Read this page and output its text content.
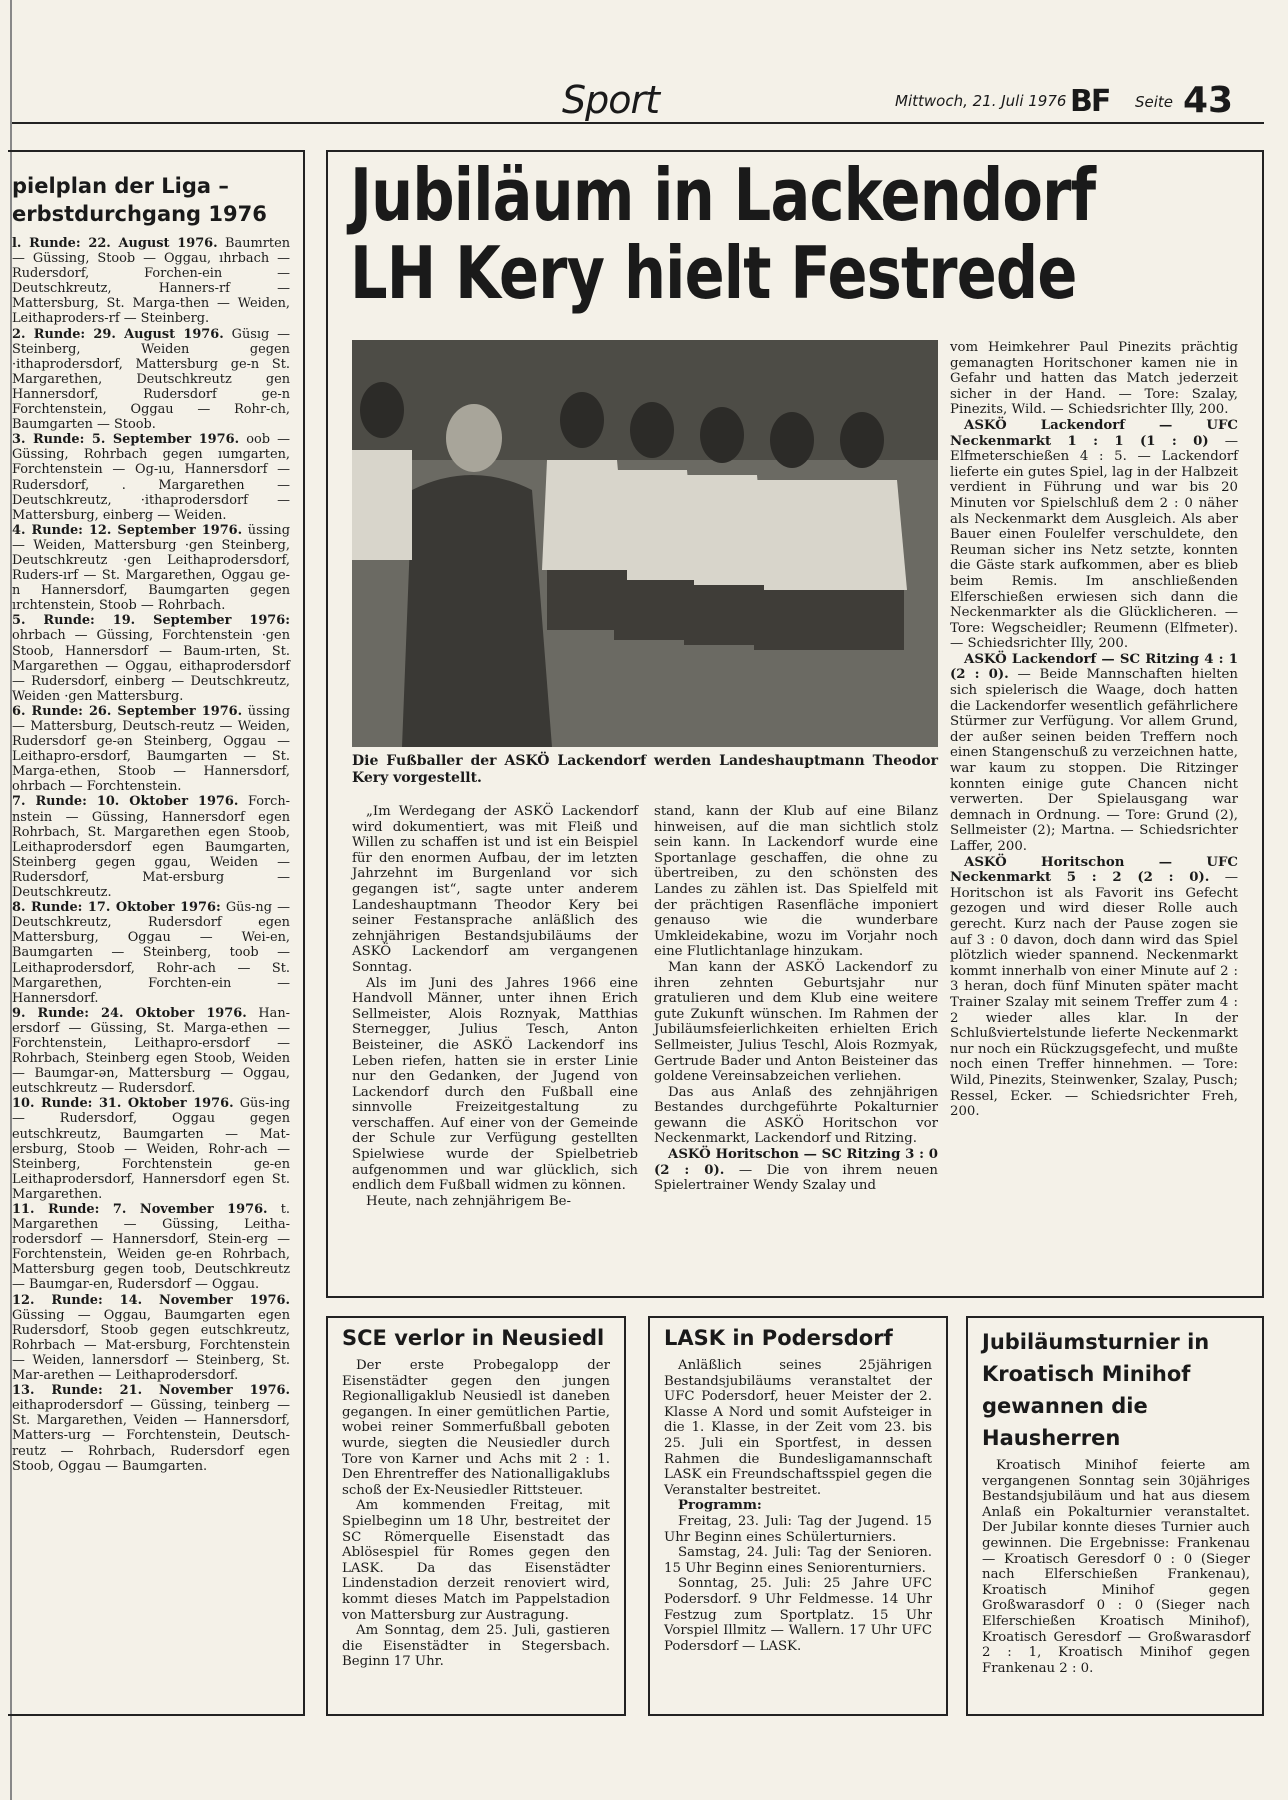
Sport	Mittwoch, 21. Juli 1976 BF Seite 43
pielplan der Liga –
erbstdurchgang 1976

l. Runde: 22. August 1976. Baumrten — Güssing, Stoob — Oggau, ıhrbach — Rudersdorf, Forchen-ein — Deutschkreutz, Hanners-rf — Mattersburg, St. Marga-then — Weiden, Leithaproders-rf — Steinberg.

2. Runde: 29. August 1976. Güsıg — Steinberg, Weiden gegen ·ithaprodersdorf, Mattersburg ge-n St. Margarethen, Deutschkreutz gen Hannersdorf, Rudersdorf ge-n Forchtenstein, Oggau — Rohr-ch, Baumgarten — Stoob.

3. Runde: 5. September 1976. oob — Güssing, Rohrbach gegen ıumgarten, Forchtenstein — Og-ıu, Hannersdorf — Rudersdorf, . Margarethen — Deutschkreutz, ·ithaprodersdorf — Mattersburg, einberg — Weiden.

4. Runde: 12. September 1976. üssing — Weiden, Mattersburg ·gen Steinberg, Deutschkreutz ·gen Leithaprodersdorf, Ruders-ırf — St. Margarethen, Oggau ge-n Hannersdorf, Baumgarten gegen ırchtenstein, Stoob — Rohrbach.

5. Runde: 19. September 1976: ohrbach — Güssing, Forchtenstein ·gen Stoob, Hannersdorf — Baum-ırten, St. Margarethen — Oggau, eithaprodersdorf — Rudersdorf, einberg — Deutschkreutz, Weiden ·gen Mattersburg.

6. Runde: 26. September 1976. üssing — Mattersburg, Deutsch-reutz — Weiden, Rudersdorf ge-ən Steinberg, Oggau — Leithapro-ersdorf, Baumgarten — St. Marga-ethen, Stoob — Hannersdorf, ohrbach — Forchtenstein.

7. Runde: 10. Oktober 1976. Forch-nstein — Güssing, Hannersdorf egen Rohrbach, St. Margarethen egen Stoob, Leithaprodersdorf egen Baumgarten, Steinberg gegen ggau, Weiden — Rudersdorf, Mat-ersburg — Deutschkreutz.

8. Runde: 17. Oktober 1976: Güs-ng — Deutschkreutz, Rudersdorf egen Mattersburg, Oggau — Wei-en, Baumgarten — Steinberg, toob — Leithaprodersdorf, Rohr-ach — St. Margarethen, Forchten-ein — Hannersdorf.

9. Runde: 24. Oktober 1976. Han-ersdorf — Güssing, St. Marga-ethen — Forchtenstein, Leithapro-ersdorf — Rohrbach, Steinberg egen Stoob, Weiden — Baumgar-ən, Mattersburg — Oggau, eutschkreutz — Rudersdorf.

10. Runde: 31. Oktober 1976. Güs-ing — Rudersdorf, Oggau gegen eutschkreutz, Baumgarten — Mat-ersburg, Stoob — Weiden, Rohr-ach — Steinberg, Forchtenstein ge-en Leithaprodersdorf, Hannersdorf egen St. Margarethen.

11. Runde: 7. November 1976. t. Margarethen — Güssing, Leitha-rodersdorf — Hannersdorf, Stein-erg — Forchtenstein, Weiden ge-en Rohrbach, Mattersburg gegen toob, Deutschkreutz — Baumgar-en, Rudersdorf — Oggau.

12. Runde: 14. November 1976. Güssing — Oggau, Baumgarten egen Rudersdorf, Stoob gegen eutschkreutz, Rohrbach — Mat-ersburg, Forchtenstein — Weiden, lannersdorf — Steinberg, St. Mar-arethen — Leithaprodersdorf.

13. Runde: 21. November 1976. eithaprodersdorf — Güssing, teinberg — St. Margarethen, Veiden — Hannersdorf, Matters-urg — Forchtenstein, Deutsch-reutz — Rohrbach, Rudersdorf egen Stoob, Oggau — Baumgarten.

Jubiläum in Lackendorf
LH Kery hielt Festrede
Die Fußballer der ASKÖ Lackendorf werden Landeshauptmann Theodor Kery vorgestellt.

„Im Werdegang der ASKÖ Lackendorf wird dokumentiert, was mit Fleiß und Willen zu schaffen ist und ist ein Beispiel für den enormen Aufbau, der im letzten Jahrzehnt im Burgenland vor sich gegangen ist“, sagte unter anderem Landeshauptmann Theodor Kery bei seiner Festansprache anläßlich des zehnjährigen Bestandsjubiläums der ASKÖ Lackendorf am vergangenen Sonntag.

Als im Juni des Jahres 1966 eine Handvoll Männer, unter ihnen Erich Sellmeister, Alois Roznyak, Matthias Sternegger, Julius Tesch, Anton Beisteiner, die ASKÖ Lackendorf ins Leben riefen, hatten sie in erster Linie nur den Gedanken, der Jugend von Lackendorf durch den Fußball eine sinnvolle Freizeitgestaltung zu verschaffen. Auf einer von der Gemeinde der Schule zur Verfügung gestellten Spielwiese wurde der Spielbetrieb aufgenommen und war glücklich, sich endlich dem Fußball widmen zu können.

Heute, nach zehnjährigem Be-

stand, kann der Klub auf eine Bilanz hinweisen, auf die man sichtlich stolz sein kann. In Lackendorf wurde eine Sportanlage geschaffen, die ohne zu übertreiben, zu den schönsten des Landes zu zählen ist. Das Spielfeld mit der prächtigen Rasenfläche imponiert genauso wie die wunderbare Umkleidekabine, wozu im Vorjahr noch eine Flutlichtanlage hinzukam.

Man kann der ASKÖ Lackendorf zu ihren zehnten Geburtsjahr nur gratulieren und dem Klub eine weitere gute Zukunft wünschen. Im Rahmen der Jubiläumsfeierlichkeiten erhielten Erich Sellmeister, Julius Teschl, Alois Rozmyak, Gertrude Bader und Anton Beisteiner das goldene Vereinsabzeichen verliehen.

Das aus Anlaß des zehnjährigen Bestandes durchgeführte Pokalturnier gewann die ASKÖ Horitschon vor Neckenmarkt, Lackendorf und Ritzing.

ASKÖ Horitschon — SC Ritzing 3 : 0 (2 : 0). — Die von ihrem neuen Spielertrainer Wendy Szalay und

vom Heimkehrer Paul Pinezits prächtig gemanagten Horitschoner kamen nie in Gefahr und hatten das Match jederzeit sicher in der Hand. — Tore: Szalay, Pinezits, Wild. — Schiedsrichter Illy, 200.

ASKÖ Lackendorf — UFC Neckenmarkt 1 : 1 (1 : 0) — Elfmeterschießen 4 : 5. — Lackendorf lieferte ein gutes Spiel, lag in der Halbzeit verdient in Führung und war bis 20 Minuten vor Spielschluß dem 2 : 0 näher als Neckenmarkt dem Ausgleich. Als aber Bauer einen Foulelfer verschuldete, den Reuman sicher ins Netz setzte, konnten die Gäste stark aufkommen, aber es blieb beim Remis. Im anschließenden Elferschießen erwiesen sich dann die Neckenmarkter als die Glücklicheren. — Tore: Wegscheidler; Reumenn (Elfmeter). — Schiedsrichter Illy, 200.

ASKÖ Lackendorf — SC Ritzing 4 : 1 (2 : 0). — Beide Mannschaften hielten sich spielerisch die Waage, doch hatten die Lackendorfer wesentlich gefährlichere Stürmer zur Verfügung. Vor allem Grund, der außer seinen beiden Treffern noch einen Stangenschuß zu verzeichnen hatte, war kaum zu stoppen. Die Ritzinger konnten einige gute Chancen nicht verwerten. Der Spielausgang war demnach in Ordnung. — Tore: Grund (2), Sellmeister (2); Martna. — Schiedsrichter Laffer, 200.

ASKÖ Horitschon — UFC Neckenmarkt 5 : 2 (2 : 0). — Horitschon ist als Favorit ins Gefecht gezogen und wird dieser Rolle auch gerecht. Kurz nach der Pause zogen sie auf 3 : 0 davon, doch dann wird das Spiel plötzlich wieder spannend. Neckenmarkt kommt innerhalb von einer Minute auf 2 : 3 heran, doch fünf Minuten später macht Trainer Szalay mit seinem Treffer zum 4 : 2 wieder alles klar. In der Schlußviertelstunde lieferte Neckenmarkt nur noch ein Rückzugsgefecht, und mußte noch einen Treffer hinnehmen. — Tore: Wild, Pinezits, Steinwenker, Szalay, Pusch; Ressel, Ecker. — Schiedsrichter Freh, 200.

SCE verlor in Neusiedl

Der erste Probegalopp der Eisenstädter gegen den jungen Regionalligaklub Neusiedl ist daneben gegangen. In einer gemütlichen Partie, wobei reiner Sommerfußball geboten wurde, siegten die Neusiedler durch Tore von Karner und Achs mit 2 : 1. Den Ehrentreffer des Nationalligaklubs schoß der Ex-Neusiedler Rittsteuer.

Am kommenden Freitag, mit Spielbeginn um 18 Uhr, bestreitet der SC Römerquelle Eisenstadt das Ablösespiel für Romes gegen den LASK. Da das Eisenstädter Lindenstadion derzeit renoviert wird, kommt dieses Match im Pappelstadion von Mattersburg zur Austragung.

Am Sonntag, dem 25. Juli, gastieren die Eisenstädter in Stegersbach. Beginn 17 Uhr.

LASK in Podersdorf

Anläßlich seines 25jährigen Bestandsjubiläums veranstaltet der UFC Podersdorf, heuer Meister der 2. Klasse A Nord und somit Aufsteiger in die 1. Klasse, in der Zeit vom 23. bis 25. Juli ein Sportfest, in dessen Rahmen die Bundesligamannschaft LASK ein Freundschaftsspiel gegen die Veranstalter bestreitet.

Programm:

Freitag, 23. Juli: Tag der Jugend. 15 Uhr Beginn eines Schülerturniers.

Samstag, 24. Juli: Tag der Senioren. 15 Uhr Beginn eines Seniorenturniers.

Sonntag, 25. Juli: 25 Jahre UFC Podersdorf. 9 Uhr Feldmesse. 14 Uhr Festzug zum Sportplatz. 15 Uhr Vorspiel Illmitz — Wallern. 17 Uhr UFC Podersdorf — LASK.

Jubiläumsturnier in Kroatisch Minihof gewannen die Hausherren

Kroatisch Minihof feierte am vergangenen Sonntag sein 30jähriges Bestandsjubiläum und hat aus diesem Anlaß ein Pokalturnier veranstaltet. Der Jubilar konnte dieses Turnier auch gewinnen. Die Ergebnisse: Frankenau — Kroatisch Geresdorf 0 : 0 (Sieger nach Elferschießen Frankenau), Kroatisch Minihof gegen Großwarasdorf 0 : 0 (Sieger nach Elferschießen Kroatisch Minihof), Kroatisch Geresdorf — Großwarasdorf 2 : 1, Kroatisch Minihof gegen Frankenau 2 : 0.
